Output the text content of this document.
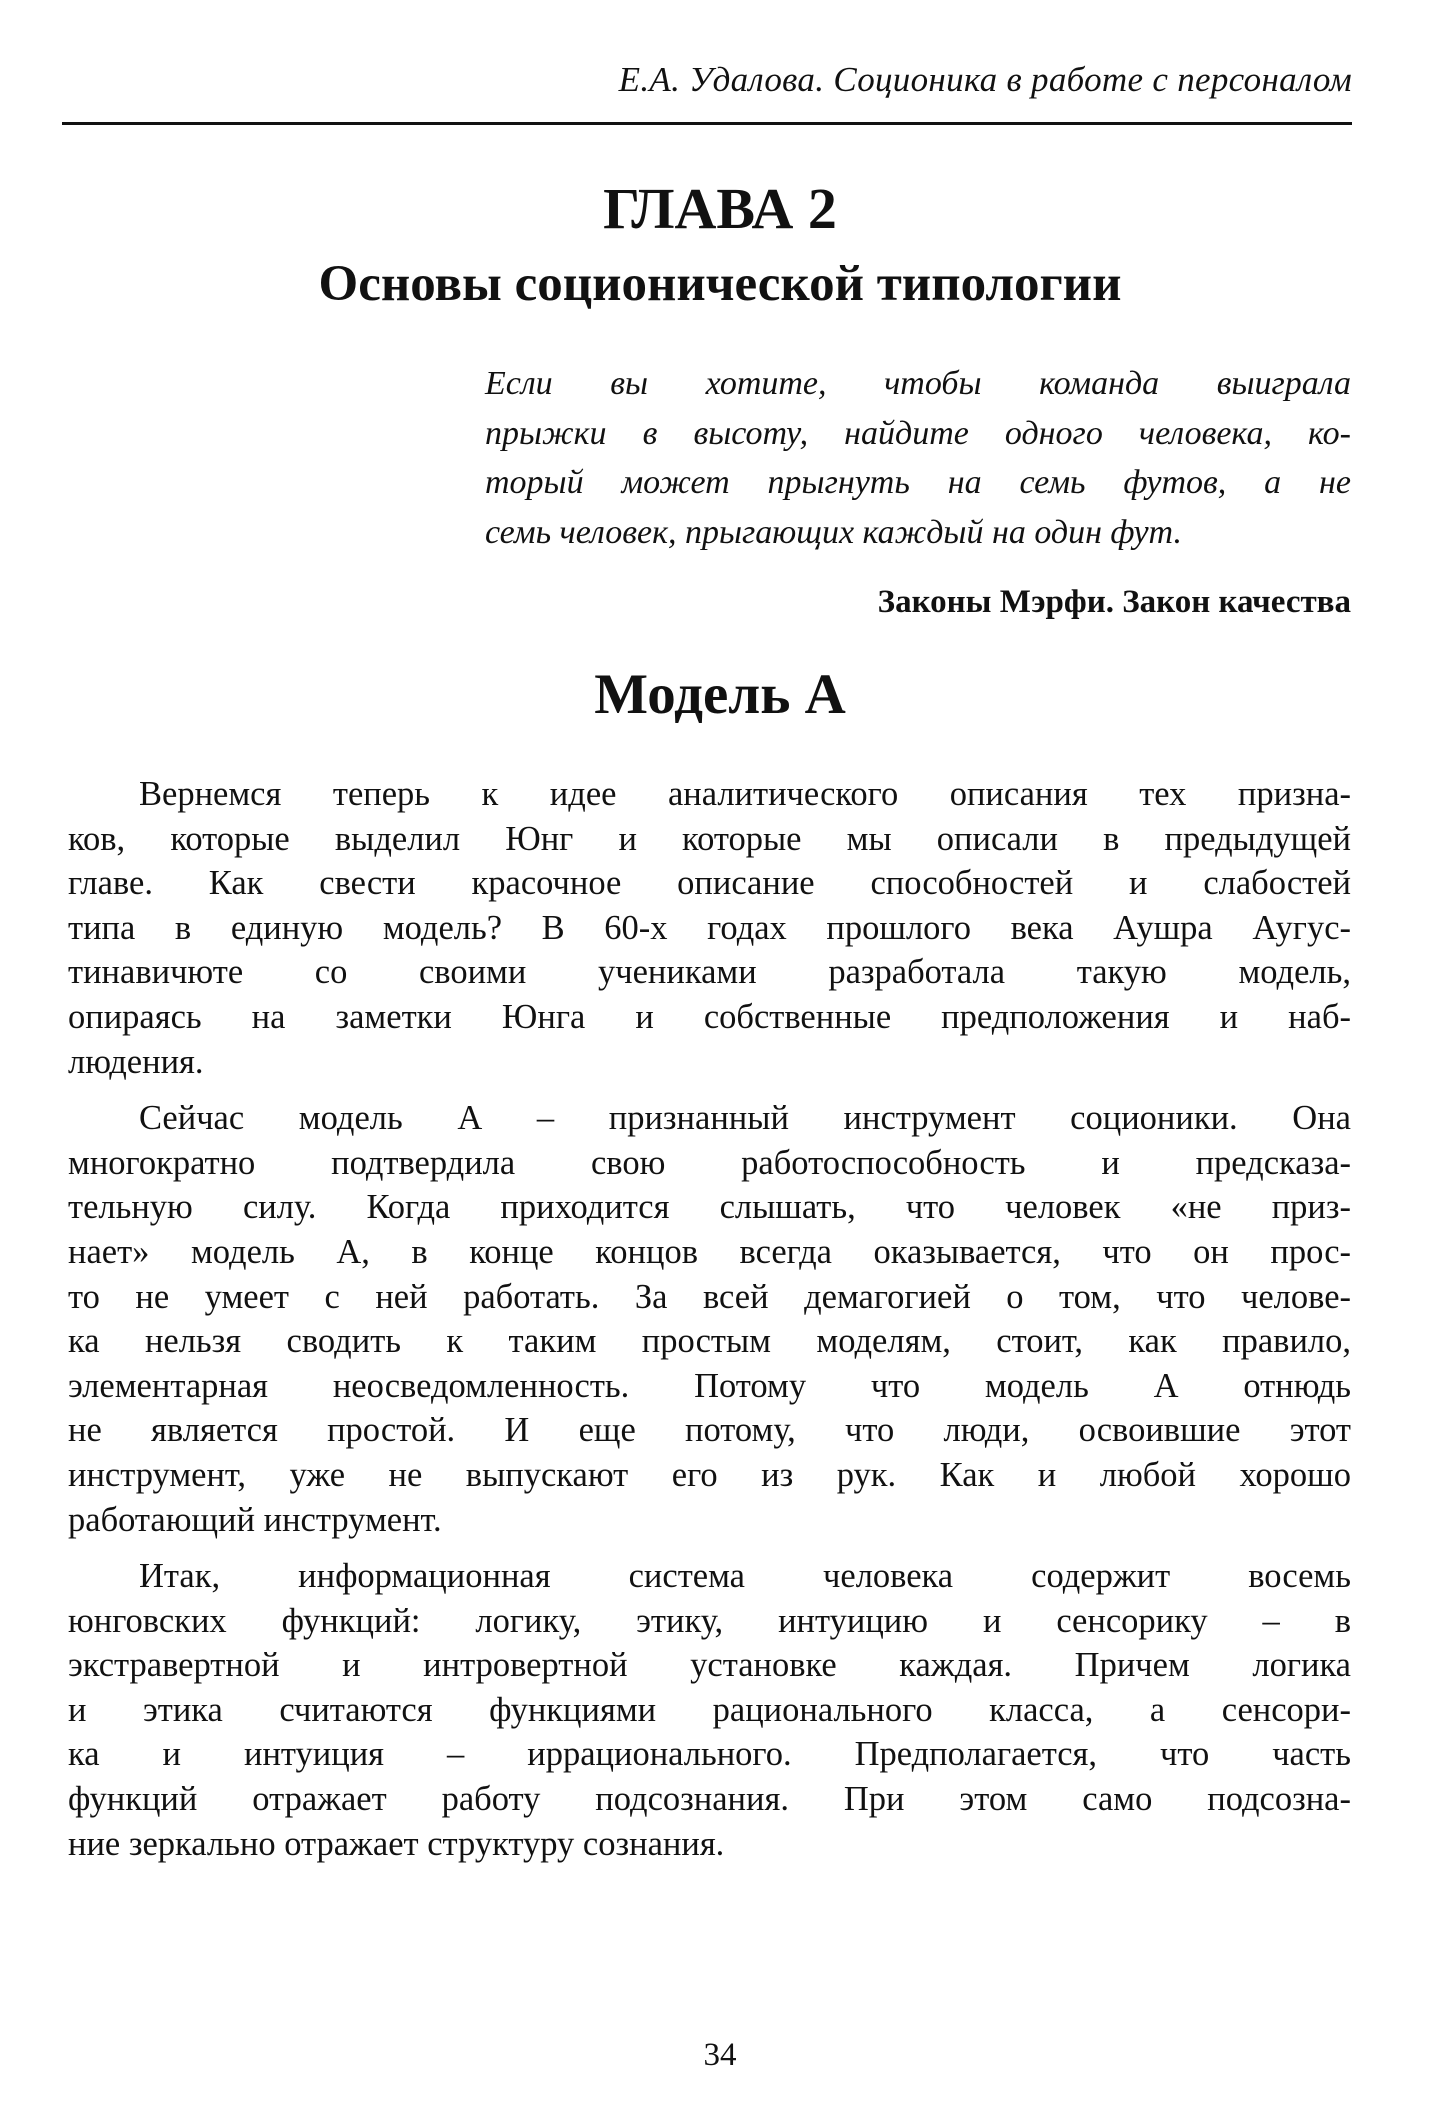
Е.А. Удалова. Соционика в работе с персоналом
ГЛАВА 2
Основы соционической типологии
Если вы хотите, чтобы команда выиграла
прыжки в высоту, найдите одного человека, ко-
торый может прыгнуть на семь футов, а не
семь человек, прыгающих каждый на один фут.
Законы Мэрфи. Закон качества
Модель А
Вернемся теперь к идее аналитического описания тех призна-
ков, которые выделил Юнг и которые мы описали в предыдущей
главе. Как свести красочное описание способностей и слабостей
типа в единую модель? В 60-х годах прошлого века Аушра Аугус-
тинавичюте со своими учениками разработала такую модель,
опираясь на заметки Юнга и собственные предположения и наб-
людения.
Сейчас модель А – признанный инструмент соционики. Она
многократно подтвердила свою работоспособность и предсказа-
тельную силу. Когда приходится слышать, что человек «не приз-
нает» модель А, в конце концов всегда оказывается, что он прос-
то не умеет с ней работать. За всей демагогией о том, что челове-
ка нельзя сводить к таким простым моделям, стоит, как правило,
элементарная неосведомленность. Потому что модель А отнюдь
не является простой. И еще потому, что люди, освоившие этот
инструмент, уже не выпускают его из рук. Как и любой хорошо
работающий инструмент.
Итак, информационная система человека содержит восемь
юнговских функций: логику, этику, интуицию и сенсорику – в
экстравертной и интровертной установке каждая. Причем логика
и этика считаются функциями рационального класса, а сенсори-
ка и интуиция – иррационального. Предполагается, что часть
функций отражает работу подсознания. При этом само подсозна-
ние зеркально отражает структуру сознания.
34
